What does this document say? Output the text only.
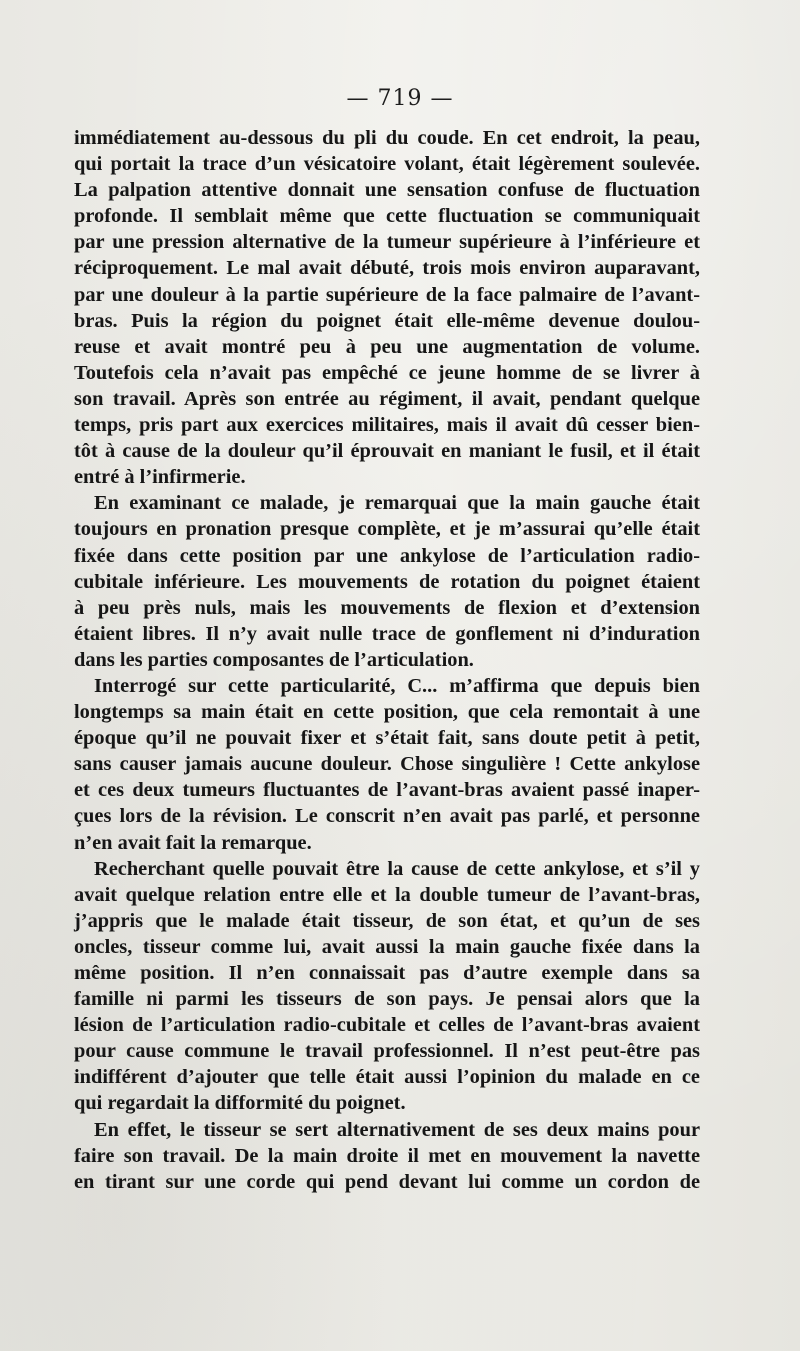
— 719 —
immédiatement au-dessous du pli du coude. En cet endroit, la peau,
qui portait la trace d’un vésicatoire volant, était légèrement soulevée.
La palpation attentive donnait une sensation confuse de fluctuation
profonde. Il semblait même que cette fluctuation se communiquait
par une pression alternative de la tumeur supérieure à l’inférieure et
réciproquement. Le mal avait débuté, trois mois environ auparavant,
par une douleur à la partie supérieure de la face palmaire de l’avant-
bras. Puis la région du poignet était elle-même devenue doulou-
reuse et avait montré peu à peu une augmentation de volume.
Toutefois cela n’avait pas empêché ce jeune homme de se livrer à
son travail. Après son entrée au régiment, il avait, pendant quelque
temps, pris part aux exercices militaires, mais il avait dû cesser bien-
tôt à cause de la douleur qu’il éprouvait en maniant le fusil, et il était
entré à l’infirmerie.
En examinant ce malade, je remarquai que la main gauche était
toujours en pronation presque complète, et je m’assurai qu’elle était
fixée dans cette position par une ankylose de l’articulation radio-
cubitale inférieure. Les mouvements de rotation du poignet étaient
à peu près nuls, mais les mouvements de flexion et d’extension
étaient libres. Il n’y avait nulle trace de gonflement ni d’induration
dans les parties composantes de l’articulation.
Interrogé sur cette particularité, C... m’affirma que depuis bien
longtemps sa main était en cette position, que cela remontait à une
époque qu’il ne pouvait fixer et s’était fait, sans doute petit à petit,
sans causer jamais aucune douleur. Chose singulière ! Cette ankylose
et ces deux tumeurs fluctuantes de l’avant-bras avaient passé inaper-
çues lors de la révision. Le conscrit n’en avait pas parlé, et personne
n’en avait fait la remarque.
Recherchant quelle pouvait être la cause de cette ankylose, et s’il y
avait quelque relation entre elle et la double tumeur de l’avant-bras,
j’appris que le malade était tisseur, de son état, et qu’un de ses
oncles, tisseur comme lui, avait aussi la main gauche fixée dans la
même position. Il n’en connaissait pas d’autre exemple dans sa
famille ni parmi les tisseurs de son pays. Je pensai alors que la
lésion de l’articulation radio-cubitale et celles de l’avant-bras avaient
pour cause commune le travail professionnel. Il n’est peut-être pas
indifférent d’ajouter que telle était aussi l’opinion du malade en ce
qui regardait la difformité du poignet.
En effet, le tisseur se sert alternativement de ses deux mains pour
faire son travail. De la main droite il met en mouvement la navette
en tirant sur une corde qui pend devant lui comme un cordon de
